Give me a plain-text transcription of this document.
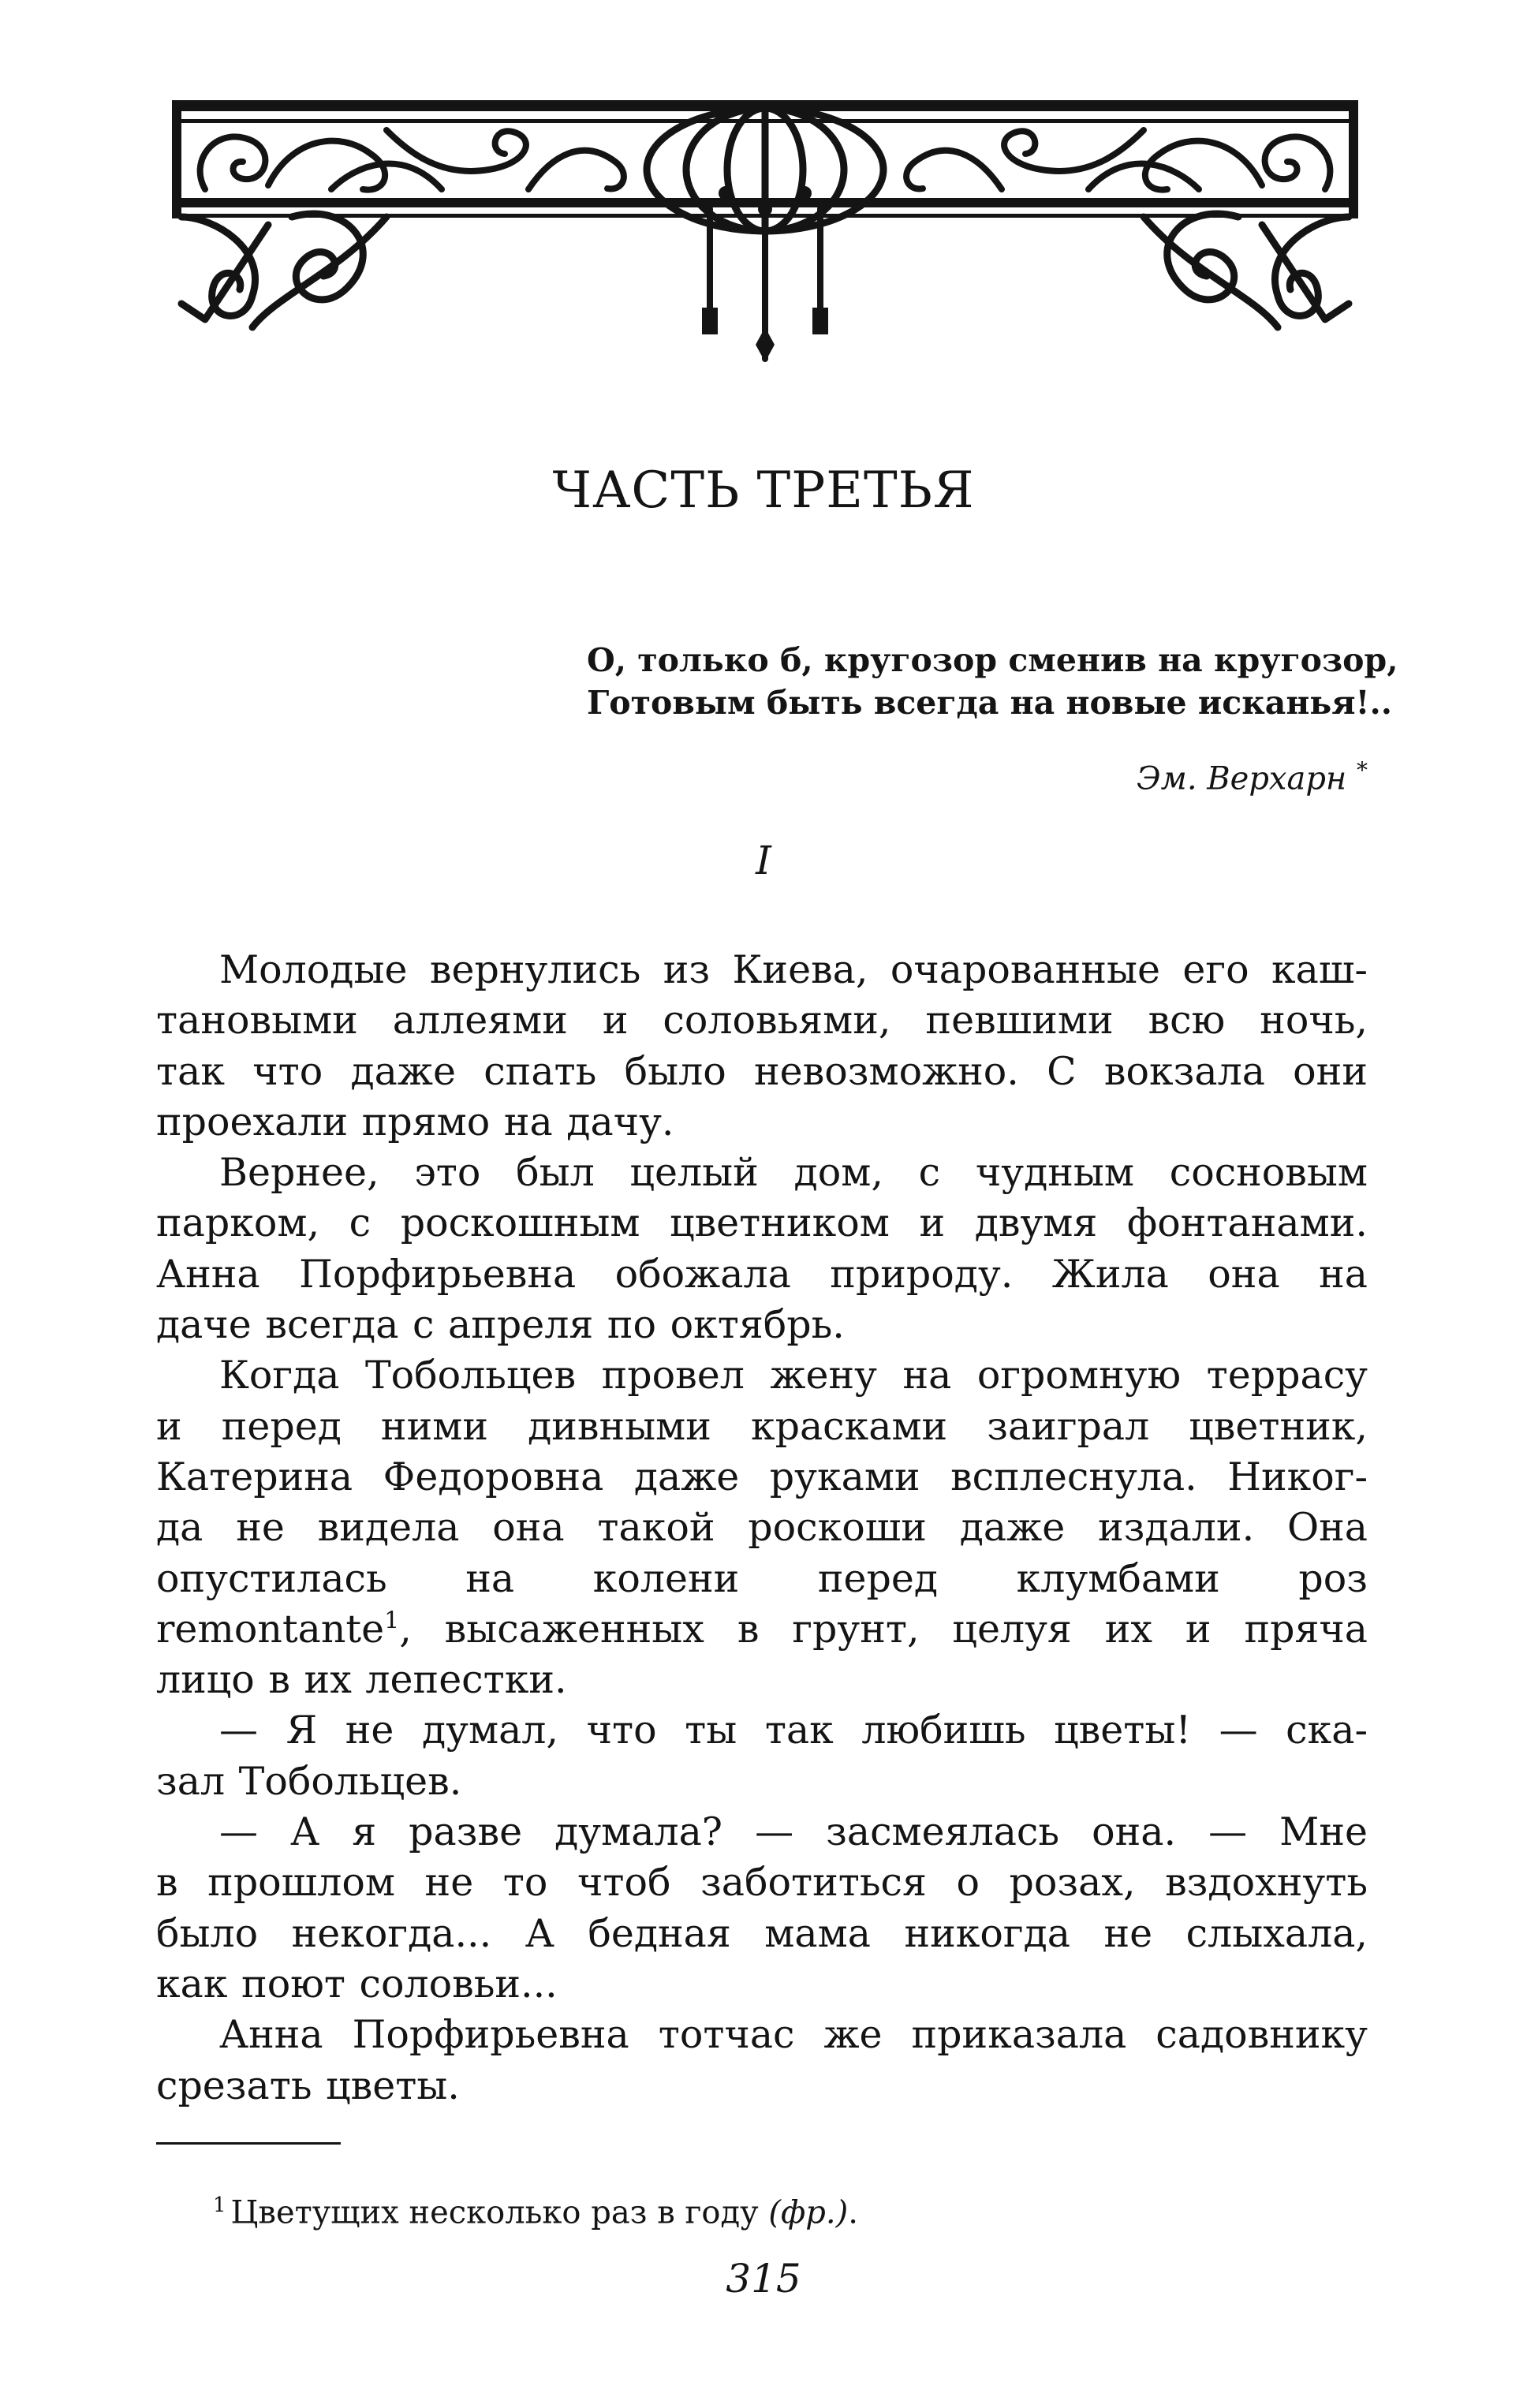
ЧАСТЬ ТРЕТЬЯ
О, только б, кругозор сменив на кругозор,
Готовым быть всегда на новые исканья!..
Эм. Верхарн *
I
Молодые вернулись из Киева, очарованные его каш-
тановыми аллеями и соловьями, певшими всю ночь,
так что даже спать было невозможно. С вокзала они
проехали прямо на дачу.
Вернее, это был целый дом, с чудным сосновым
парком, с роскошным цветником и двумя фонтанами.
Анна Порфирьевна обожала природу. Жила она на
даче всегда с апреля по октябрь.
Когда Тобольцев провел жену на огромную террасу
и перед ними дивными красками заиграл цветник,
Катерина Федоровна даже руками всплеснула. Никог-
да не видела она такой роскоши даже издали. Она
опустилась на колени перед клумбами роз
remontante$^1$, высаженных в грунт, целуя их и пряча
лицо в их лепестки.
— Я не думал, что ты так любишь цветы! — ска-
зал Тобольцев.
— А я разве думала? — засмеялась она. — Мне
в прошлом не то чтоб заботиться о розах, вздохнуть
было некогда... А бедная мама никогда не слыхала,
как поют соловьи...
Анна Порфирьевна тотчас же приказала садовнику
срезать цветы.
$^1$ Цветущих несколько раз в году (фр.).
315
